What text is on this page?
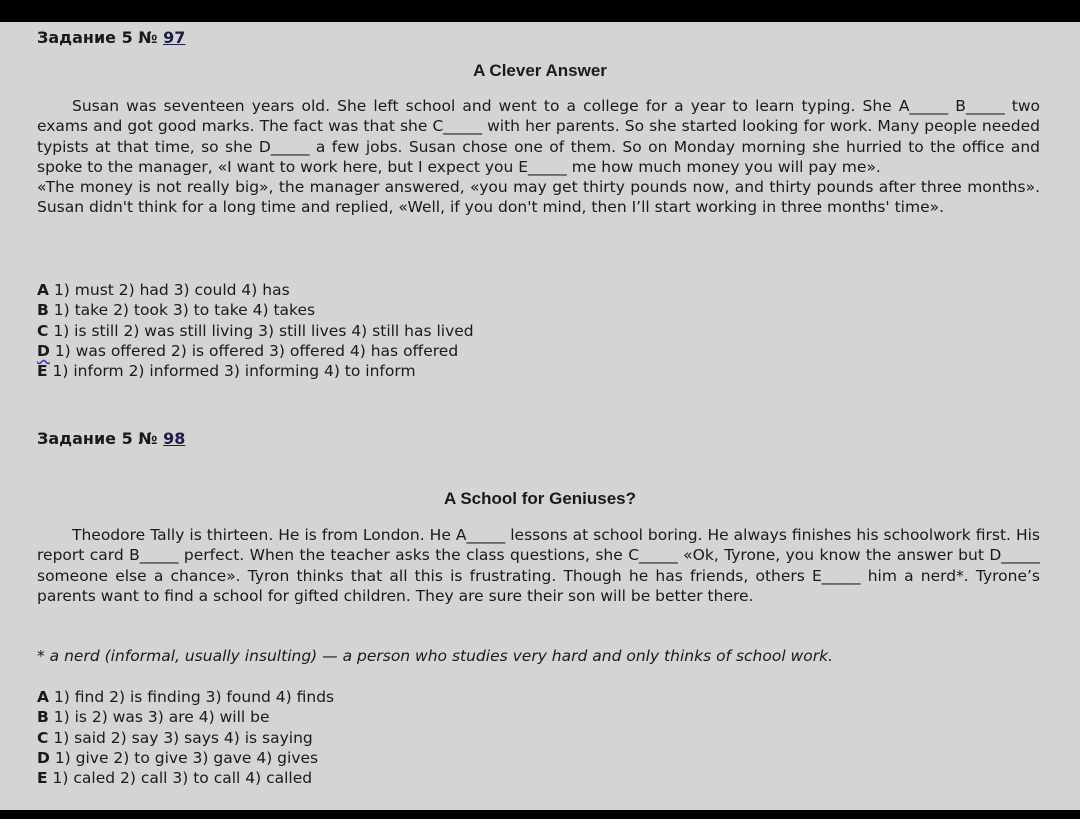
Задание 5 № 97
A Clever Answer

Susan was seventeen years old. She left school and went to a college for a year to learn typing. She A_____ B_____ two exams and got good marks. The fact was that she C_____ with her parents. So she started looking for work. Many people needed typists at that time, so she D_____ a few jobs. Susan chose one of them. So on Monday morning she hurried to the office and spoke to the manager, «I want to work here, but I expect you E_____ me how much money you will pay me».

«The money is not really big», the manager answered, «you may get thirty pounds now, and thirty pounds after three months». Susan didn't think for a long time and replied, «Well, if you don't mind, then I’ll start working in three months' time».

A 1) must 2) had 3) could 4) has
B 1) take 2) took 3) to take 4) takes
C 1) is still 2) was still living 3) still lives 4) still has lived
D 1) was offered 2) is offered 3) offered 4) has offered
E 1) inform 2) informed 3) informing 4) to inform
Задание 5 № 98
A School for Geniuses?

Theodore Tally is thirteen. He is from London. He A_____ lessons at school boring. He always finishes his schoolwork first. His report card B_____ perfect. When the teacher asks the class questions, she C_____ «Ok, Tyrone, you know the answer but D_____ someone else a chance». Tyron thinks that all this is frustrating. Though he has friends, others E_____ him a nerd*. Tyrone’s parents want to find a school for gifted children. They are sure their son will be better there.

* a nerd (informal, usually insulting) — a person who studies very hard and only thinks of school work.
A 1) find 2) is finding 3) found 4) finds
B 1) is 2) was 3) are 4) will be
C 1) said 2) say 3) says 4) is saying
D 1) give 2) to give 3) gave 4) gives
E 1) caled 2) call 3) to call 4) called
